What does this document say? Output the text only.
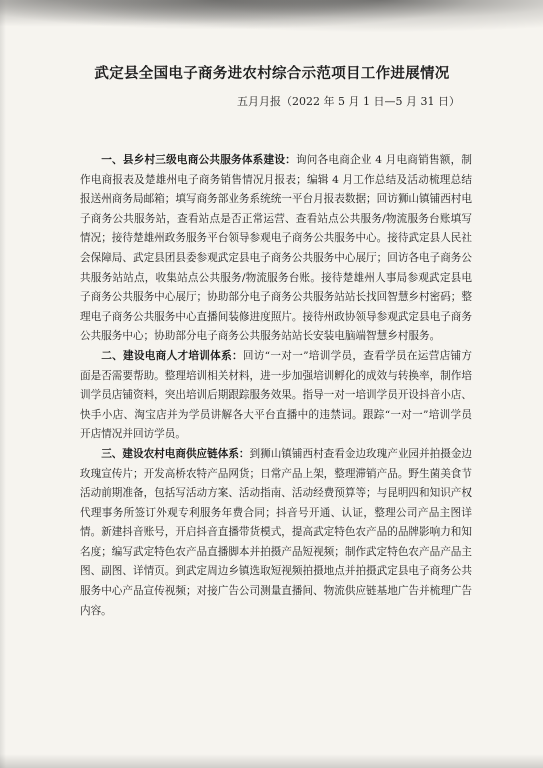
武定县全国电子商务进农村综合示范项目工作进展情况
五月月报（2022 年 5 月 1 日—5 月 31 日）

一、县乡村三级电商公共服务体系建设：询问各电商企业 4 月电商销售额，制作电商报表及楚雄州电子商务销售情况月报表；编辑 4 月工作总结及活动梳理总结报送州商务局邮箱；填写商务部业务系统统一平台月报表数据；回访狮山镇铺西村电子商务公共服务站，查看站点是否正常运营、查看站点公共服务/物流服务台账填写情况；接待楚雄州政务服务平台领导参观电子商务公共服务中心。接待武定县人民社会保障局、武定县团县委参观武定县电子商务公共服务中心展厅；回访各电子商务公共服务站站点，收集站点公共服务/物流服务台账。接待楚雄州人事局参观武定县电子商务公共服务中心展厅；协助部分电子商务公共服务站站长找回智慧乡村密码；整理电子商务公共服务中心直播间装修进度照片。接待州政协领导参观武定县电子商务公共服务中心；协助部分电子商务公共服务站站长安装电脑端智慧乡村服务。

二、建设电商人才培训体系：回访“一对一”培训学员，查看学员在运营店铺方面是否需要帮助。整理培训相关材料，进一步加强培训孵化的成效与转换率，制作培训学员店铺资料，突出培训后期跟踪服务效果。指导一对一培训学员开设抖音小店、快手小店、淘宝店并为学员讲解各大平台直播中的违禁词。跟踪“一对一”培训学员开店情况并回访学员。

三、建设农村电商供应链体系：到狮山镇铺西村查看金边玫瑰产业园并拍摄金边玫瑰宣传片；开发高桥农特产品网货；日常产品上架，整理滞销产品。野生菌美食节活动前期准备，包括写活动方案、活动指南、活动经费预算等；与昆明四和知识产权代理事务所签订外观专利服务年费合同；抖音号开通、认证，整理公司产品主图详情。新建抖音账号，开启抖音直播带货模式，提高武定特色农产品的品牌影响力和知名度；编写武定特色农产品直播脚本并拍摄产品短视频；制作武定特色农产品产品主图、副图、详情页。到武定周边乡镇选取短视频拍摄地点并拍摄武定县电子商务公共服务中心产品宣传视频；对接广告公司测量直播间、物流供应链基地广告并梳理广告内容。
